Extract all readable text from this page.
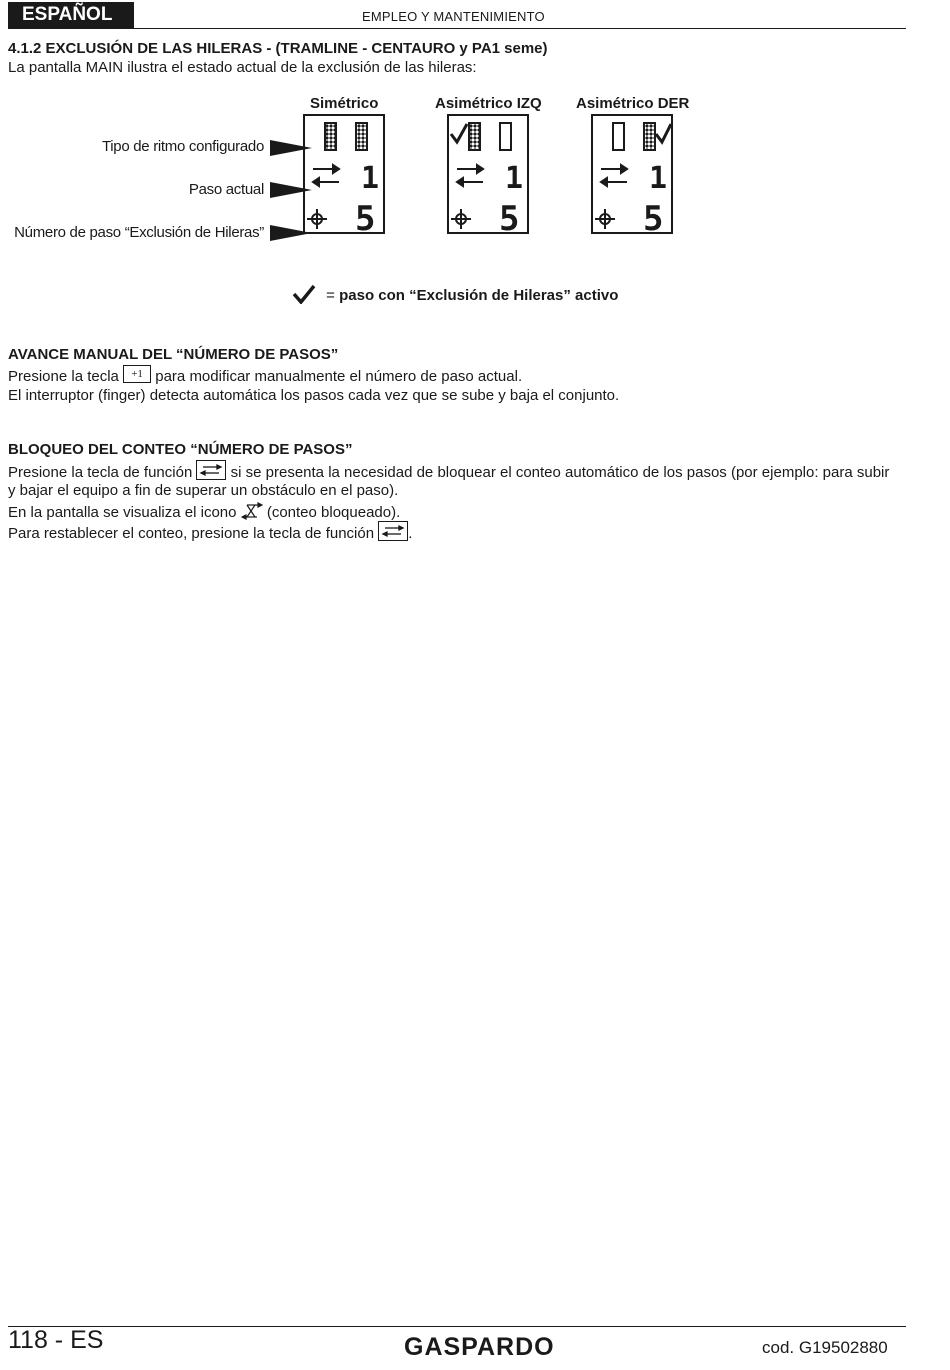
ESPAÑOL	EMPLEO Y MANTENIMIENTO
4.1.2 EXCLUSIÓN DE LAS HILERAS - (TRAMLINE - CENTAURO y PA1 seme)
La pantalla MAIN ilustra el estado actual de la exclusión de las hileras:
Simétrico	Asimétrico IZQ Asimétrico DER
Tipo de ritmo configurado
Paso actual
Número de paso “Exclusión de Hileras”
1
5
1
5
1
5
= paso con “Exclusión de Hileras” activo
AVANCE MANUAL DEL “NÚMERO DE PASOS”
Presione la tecla +1 para modificar manualmente el número de paso actual.
El interruptor (finger) detecta automática los pasos cada vez que se sube y baja el conjunto.
BLOQUEO DEL CONTEO “NÚMERO DE PASOS”
Presione la tecla de función	si se presenta la necesidad de bloquear el conteo automático de los pasos (por ejemplo: para subir
y bajar el equipo a fin de superar un obstáculo en el paso).
En la pantalla se visualiza el icono (conteo bloqueado).
Para restablecer el conteo, presione la tecla de función .
118 - ES	GASPARDO	cod. G19502880
